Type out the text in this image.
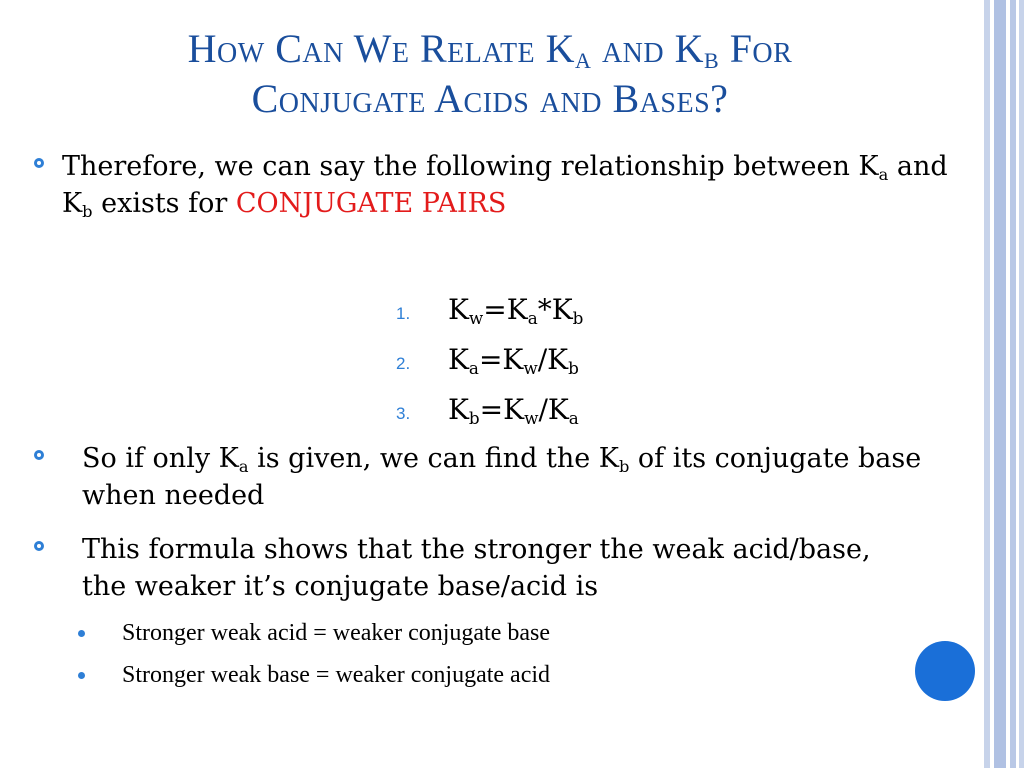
How Can We Relate $K_A$ and $K_B$ For
Conjugate Acids and Bases?
Therefore, we can say the following relationship between $K_a$ and $K_b$ exists for CONJUGATE PAIRS
1. $K_w=K_a*K_b$
2. $K_a=K_w/K_b$
3. $K_b=K_w/K_a$
So if only $K_a$ is given, we can find the $K_b$ of its conjugate base when needed
This formula shows that the stronger the weak acid/base, the weaker it’s conjugate base/acid is
Stronger weak acid = weaker conjugate base
Stronger weak base = weaker conjugate acid
